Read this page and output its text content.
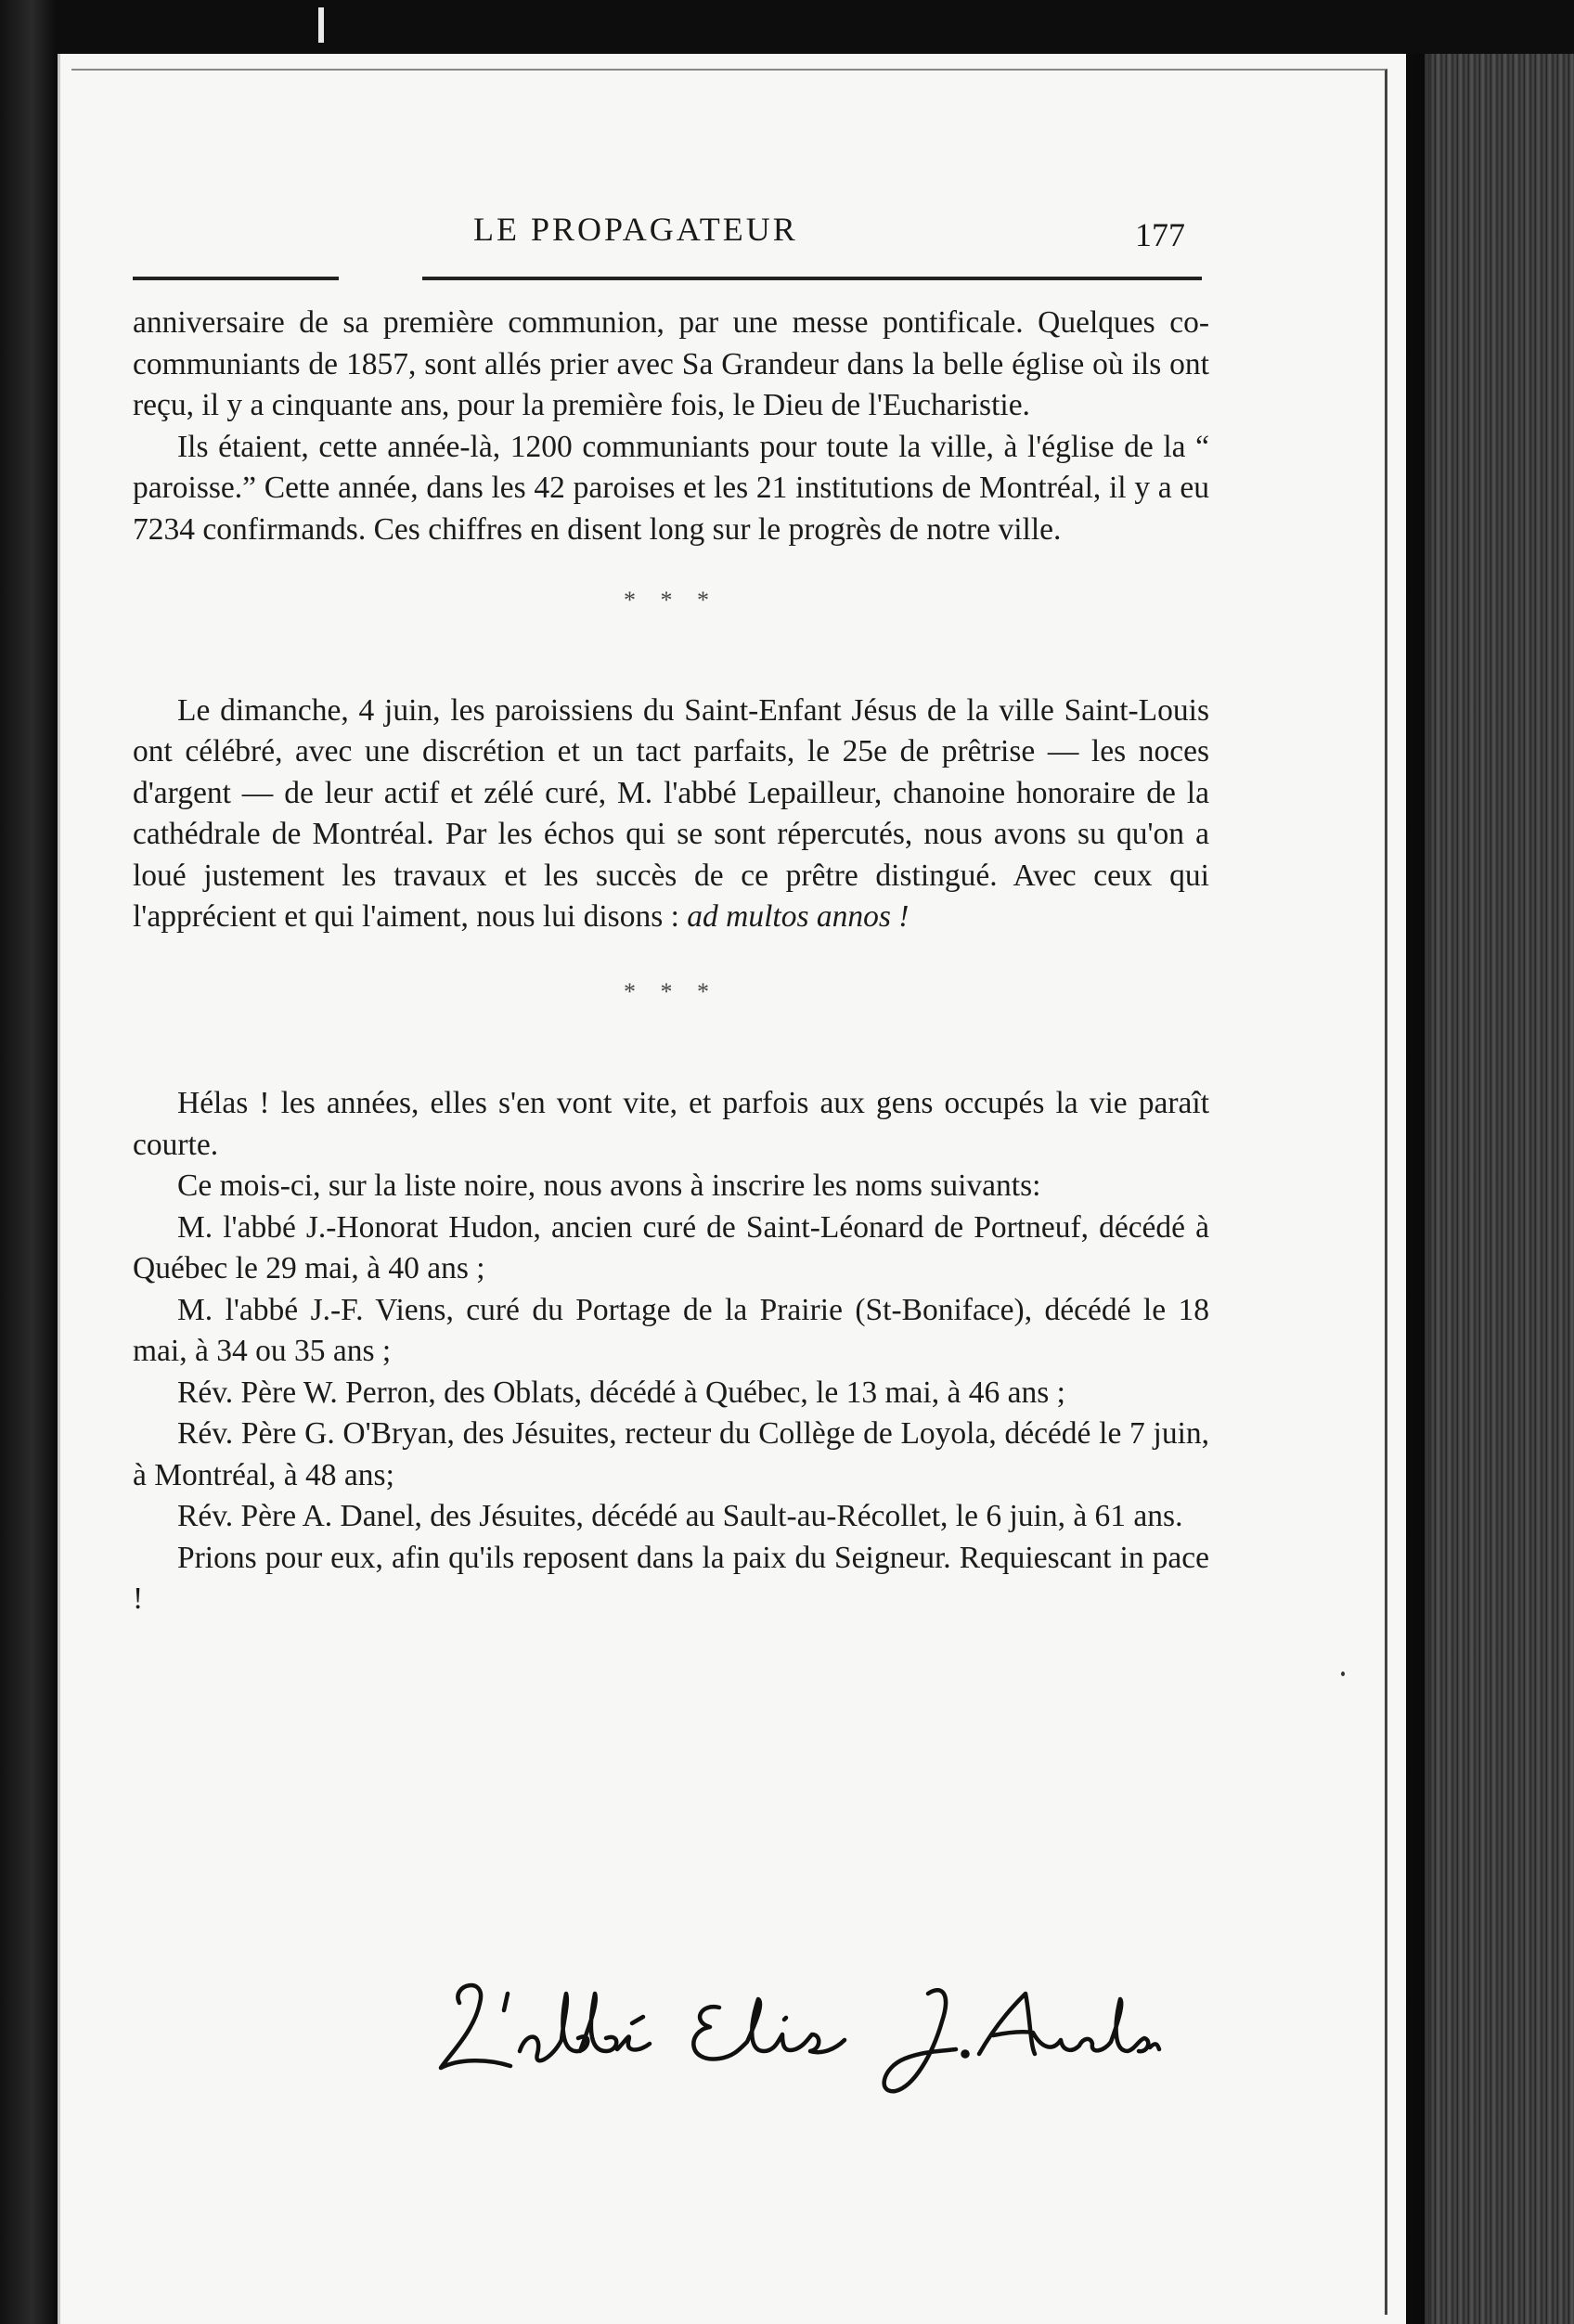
LE PROPAGATEUR	177

anniversaire de sa première communion, par une messe pontificale. Quelques co-communiants de 1857, sont allés prier avec Sa Grandeur dans la belle église où ils ont reçu, il y a cinquante ans, pour la première fois, le Dieu de l'Eucharistie.

Ils étaient, cette année-là, 1200 communiants pour toute la ville, à l'église de la “ paroisse.” Cette année, dans les 42 paroises et les 21 institutions de Montréal, il y a eu 7234 confirmands. Ces chiffres en disent long sur le progrès de notre ville.

* * *

Le dimanche, 4 juin, les paroissiens du Saint-Enfant Jésus de la ville Saint-Louis ont célébré, avec une discrétion et un tact parfaits, le 25e de prêtrise — les noces d'argent — de leur actif et zélé curé, M. l'abbé Lepailleur, chanoine honoraire de la cathédrale de Montréal. Par les échos qui se sont répercutés, nous avons su qu'on a loué justement les travaux et les succès de ce prêtre distingué. Avec ceux qui l'apprécient et qui l'aiment, nous lui disons : ad multos annos !

* * *

Hélas ! les années, elles s'en vont vite, et parfois aux gens occupés la vie paraît courte.

Ce mois-ci, sur la liste noire, nous avons à inscrire les noms suivants:

M. l'abbé J.-Honorat Hudon, ancien curé de Saint-Léonard de Portneuf, décédé à Québec le 29 mai, à 40 ans ;

M. l'abbé J.-F. Viens, curé du Portage de la Prairie (St-Boniface), décédé le 18 mai, à 34 ou 35 ans ;

Rév. Père W. Perron, des Oblats, décédé à Québec, le 13 mai, à 46 ans ;

Rév. Père G. O'Bryan, des Jésuites, recteur du Collège de Loyola, décédé le 7 juin, à Montréal, à 48 ans;

Rév. Père A. Danel, des Jésuites, décédé au Sault-au-Récollet, le 6 juin, à 61 ans.

Prions pour eux, afin qu'ils reposent dans la paix du Seigneur. Requiescant in pace !
